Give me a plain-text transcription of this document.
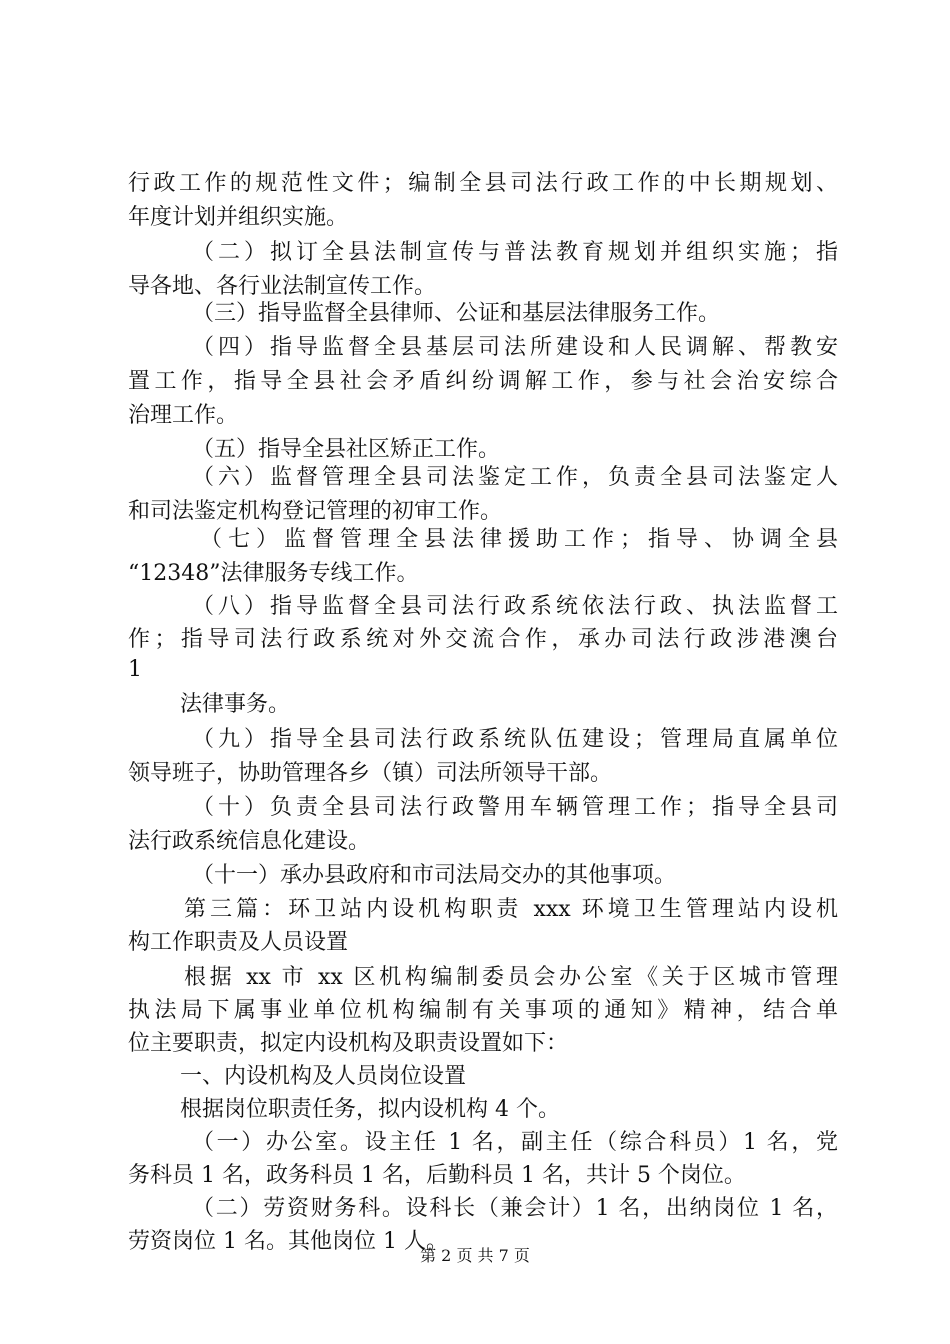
行政工作的规范性文件；编制全县司法行政工作的中长期规划、
年度计划并组织实施。
（二）拟订全县法制宣传与普法教育规划并组织实施；指
导各地、各行业法制宣传工作。
（三）指导监督全县律师、公证和基层法律服务工作。
（四）指导监督全县基层司法所建设和人民调解、帮教安
置工作，指导全县社会矛盾纠纷调解工作，参与社会治安综合
治理工作。
（五）指导全县社区矫正工作。
（六）监督管理全县司法鉴定工作，负责全县司法鉴定人
和司法鉴定机构登记管理的初审工作。
（七）监督管理全县法律援助工作；指导、协调全县
“12348”法律服务专线工作。
（八）指导监督全县司法行政系统依法行政、执法监督工
作；指导司法行政系统对外交流合作，承办司法行政涉港澳台
1
法律事务。
（九）指导全县司法行政系统队伍建设；管理局直属单位
领导班子，协助管理各乡（镇）司法所领导干部。
（十）负责全县司法行政警用车辆管理工作；指导全县司
法行政系统信息化建设。
（十一）承办县政府和市司法局交办的其他事项。
第三篇：环卫站内设机构职责 xxx 环境卫生管理站内设机
构工作职责及人员设置
根据 xx 市 xx 区机构编制委员会办公室《关于区城市管理
执法局下属事业单位机构编制有关事项的通知》精神，结合单
位主要职责，拟定内设机构及职责设置如下：
一、内设机构及人员岗位设置
根据岗位职责任务，拟内设机构 4 个。
（一）办公室。设主任 1 名，副主任（综合科员）1 名，党
务科员 1 名，政务科员 1 名，后勤科员 1 名，共计 5 个岗位。
（二）劳资财务科。设科长（兼会计）1 名，出纳岗位 1 名，
劳资岗位 1 名。其他岗位 1 人。
第 2 页 共 7 页
